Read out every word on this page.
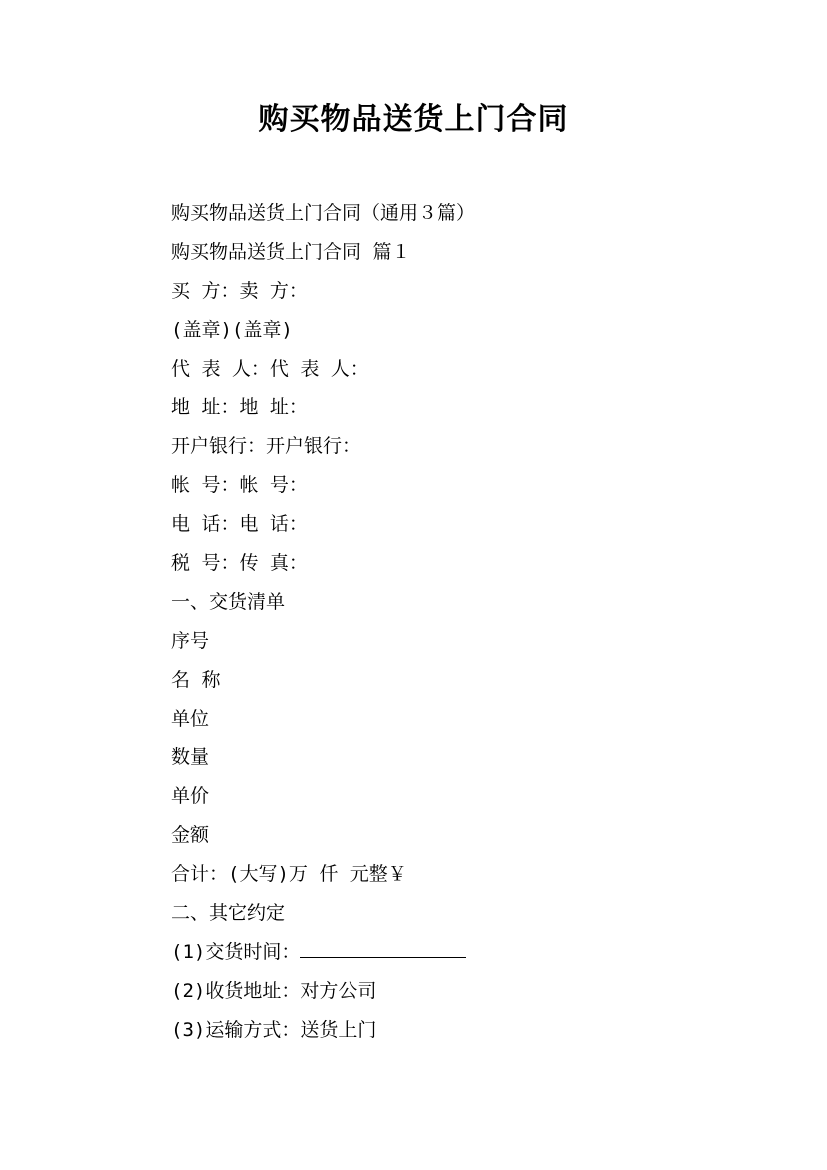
购买物品送货上门合同
购买物品送货上门合同（通用３篇）
购买物品送货上门合同 篇１
买 方：卖 方：
(盖章)(盖章)
代 表 人：代 表 人：
地 址：地 址：
开户银行：开户银行：
帐 号：帐 号：
电 话：电 话：
税 号：传 真：
一、交货清单
序号
名 称
单位
数量
单价
金额
合计：(大写)万 仟 元整￥
二、其它约定
(1)交货时间：
(2)收货地址：对方公司
(3)运输方式：送货上门
